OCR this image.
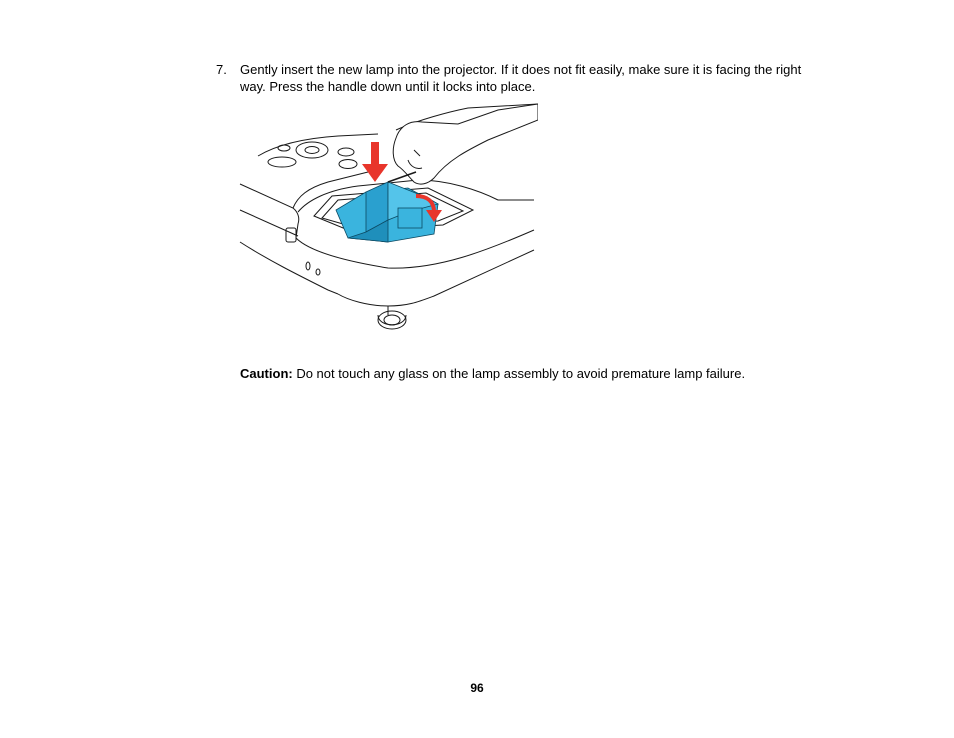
7. Gently insert the new lamp into the projector. If it does not fit easily, make sure it is facing the right way. Press the handle down until it locks into place.
Caution: Do not touch any glass on the lamp assembly to avoid premature lamp failure.
96
